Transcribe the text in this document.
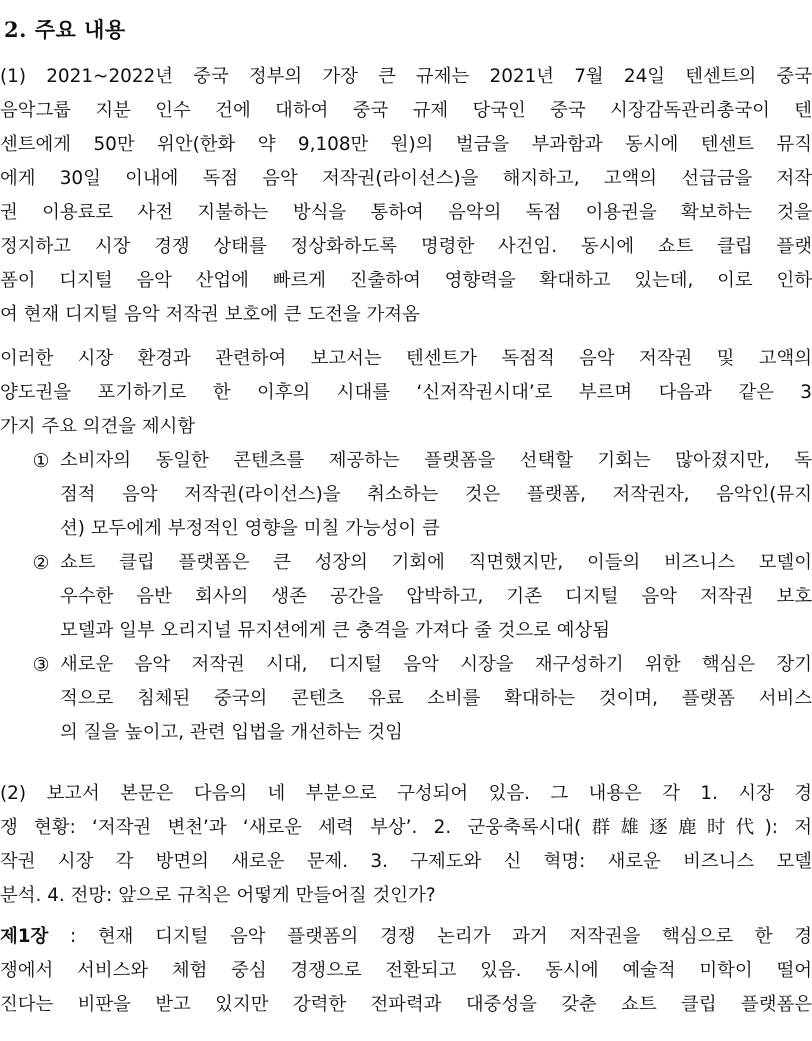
2. 주요 내용
(1) 2021~2022년 중국 정부의 가장 큰 규제는 2021년 7월 24일 텐센트의 중국
음악그룹 지분 인수 건에 대하여 중국 규제 당국인 중국 시장감독관리총국이 텐
센트에게 50만 위안(한화 약 9,108만 원)의 벌금을 부과함과 동시에 텐센트 뮤직
에게 30일 이내에 독점 음악 저작권(라이선스)을 해지하고, 고액의 선급금을 저작
권 이용료로 사전 지불하는 방식을 통하여 음악의 독점 이용권을 확보하는 것을
정지하고 시장 경쟁 상태를 정상화하도록 명령한 사건임. 동시에 쇼트 클립 플랫
폼이 디지털 음악 산업에 빠르게 진출하여 영향력을 확대하고 있는데, 이로 인하
여 현재 디지털 음악 저작권 보호에 큰 도전을 가져옴
이러한 시장 환경과 관련하여 보고서는 텐센트가 독점적 음악 저작권 및 고액의
양도권을 포기하기로 한 이후의 시대를 ‘신저작권시대’로 부르며 다음과 같은 3
가지 주요 의견을 제시함
① 소비자의 동일한 콘텐츠를 제공하는 플랫폼을 선택할 기회는 많아졌지만, 독
점적 음악 저작권(라이선스)을 취소하는 것은 플랫폼, 저작권자, 음악인(뮤지
션) 모두에게 부정적인 영향을 미칠 가능성이 큼
② 쇼트 클립 플랫폼은 큰 성장의 기회에 직면했지만, 이들의 비즈니스 모델이
우수한 음반 회사의 생존 공간을 압박하고, 기존 디지털 음악 저작권 보호
모델과 일부 오리지널 뮤지션에게 큰 충격을 가져다 줄 것으로 예상됨
③ 새로운 음악 저작권 시대, 디지털 음악 시장을 재구성하기 위한 핵심은 장기
적으로 침체된 중국의 콘텐츠 유료 소비를 확대하는 것이며, 플랫폼 서비스
의 질을 높이고, 관련 입법을 개선하는 것임
(2) 보고서 본문은 다음의 네 부분으로 구성되어 있음. 그 내용은 각 1. 시장 경
쟁 현황: ‘저작권 변천’과 ‘새로운 세력 부상’. 2. 군웅축록시대(群雄逐鹿时代): 저
작권 시장 각 방면의 새로운 문제. 3. 구제도와 신 혁명: 새로운 비즈니스 모델
분석. 4. 전망: 앞으로 규칙은 어떻게 만들어질 것인가?
제1장 : 현재 디지털 음악 플랫폼의 경쟁 논리가 과거 저작권을 핵심으로 한 경
쟁에서 서비스와 체험 중심 경쟁으로 전환되고 있음. 동시에 예술적 미학이 떨어
진다는 비판을 받고 있지만 강력한 전파력과 대중성을 갖춘 쇼트 클립 플랫폼은
